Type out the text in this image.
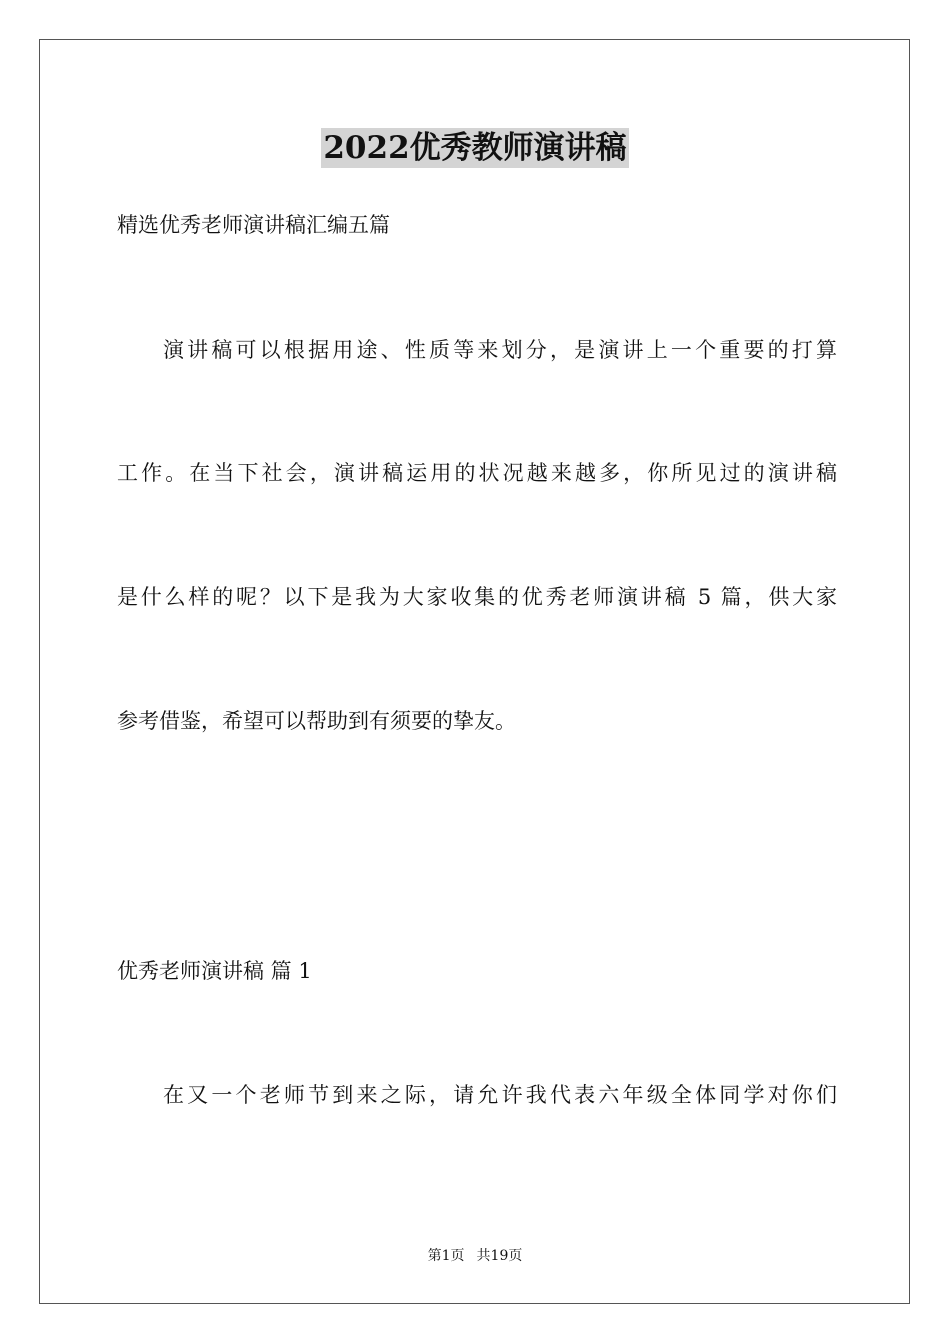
2022优秀教师演讲稿
精选优秀老师演讲稿汇编五篇
演讲稿可以根据用途、性质等来划分，是演讲上一个重要的打算
工作。在当下社会，演讲稿运用的状况越来越多，你所见过的演讲稿
是什么样的呢？以下是我为大家收集的优秀老师演讲稿 5 篇，供大家
参考借鉴，希望可以帮助到有须要的挚友。
优秀老师演讲稿 篇 1
在又一个老师节到来之际，请允许我代表六年级全体同学对你们
第1页 共19页
